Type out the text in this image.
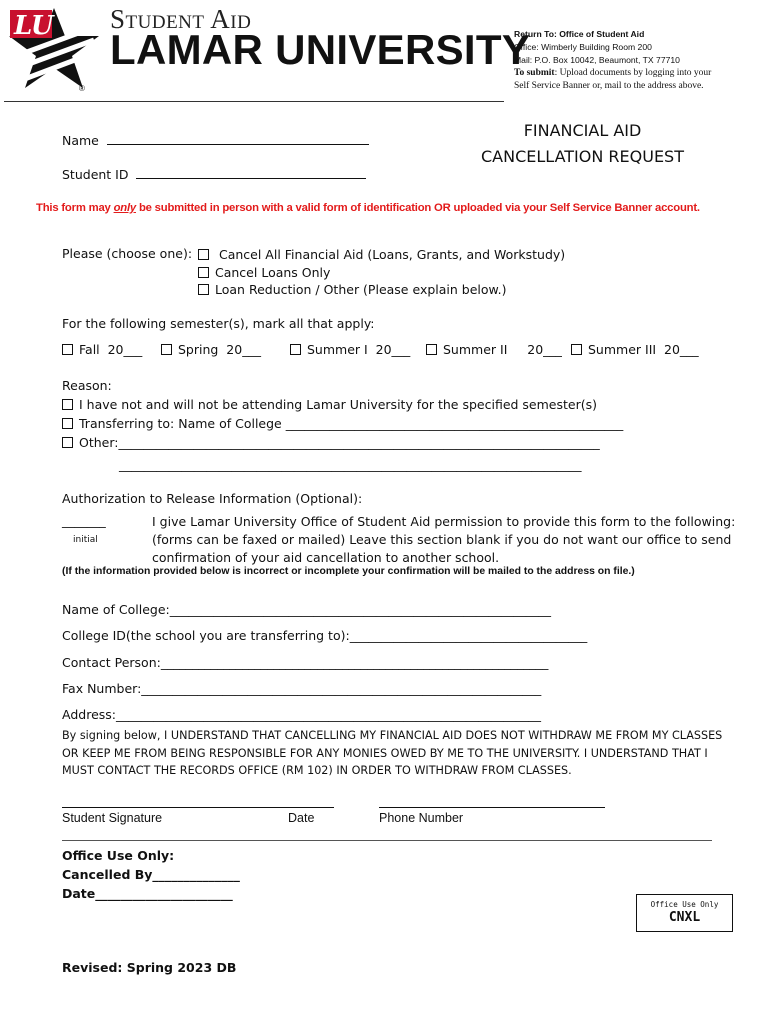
LU
®
Student Aid
LAMAR UNIVERSITY
Return To: Office of Student Aid
Office: Wimberly Building Room 200
Mail: P.O. Box 10042, Beaumont, TX 77710
To submit: Upload documents by logging into your
Self Service Banner or, mail to the address above.
FINANCIAL AID
CANCELLATION REQUEST
Name
Student ID
This form may only be submitted in person with a valid form of identification OR uploaded via your Self Service Banner account.
Please (choose one):	Cancel All Financial Aid (Loans, Grants, and Workstudy)
Cancel Loans Only
Loan Reduction / Other (Please explain below.)
For the following semester(s), mark all that apply:
Fall  20___	Spring  20___	Summer I  20___	Summer II     20___	Summer III  20___
Reason:
I have not and will not be attending Lamar University for the specified semester(s)
Transferring to: Name of College ______________________________________________________
Other:_____________________________________________________________________________
__________________________________________________________________________
Authorization to Release Information (Optional):
_______
initial
I give Lamar University Office of Student Aid permission to provide this form to the following:
(forms can be faxed or mailed) Leave this section blank if you do not want our office to send
confirmation of your aid cancellation to another school.
(If the information provided below is incorrect or incomplete your confirmation will be mailed to the address on file.)
Name of College:_____________________________________________________________
College ID(the school you are transferring to):______________________________________
Contact Person:______________________________________________________________
Fax Number:________________________________________________________________
Address:____________________________________________________________________
By signing below, I UNDERSTAND THAT CANCELLING MY FINANCIAL AID DOES NOT WITHDRAW ME FROM MY CLASSES
OR KEEP ME FROM BEING RESPONSIBLE FOR ANY MONIES OWED BY ME TO THE UNIVERSITY. I UNDERSTAND THAT I
MUST CONTACT THE RECORDS OFFICE (RM 102) IN ORDER TO WITHDRAW FROM CLASSES.
Student Signature	Date	Phone Number
Office Use Only:
Cancelled By______________
Date______________________
Office Use Only
CNXL
Revised: Spring 2023 DB
